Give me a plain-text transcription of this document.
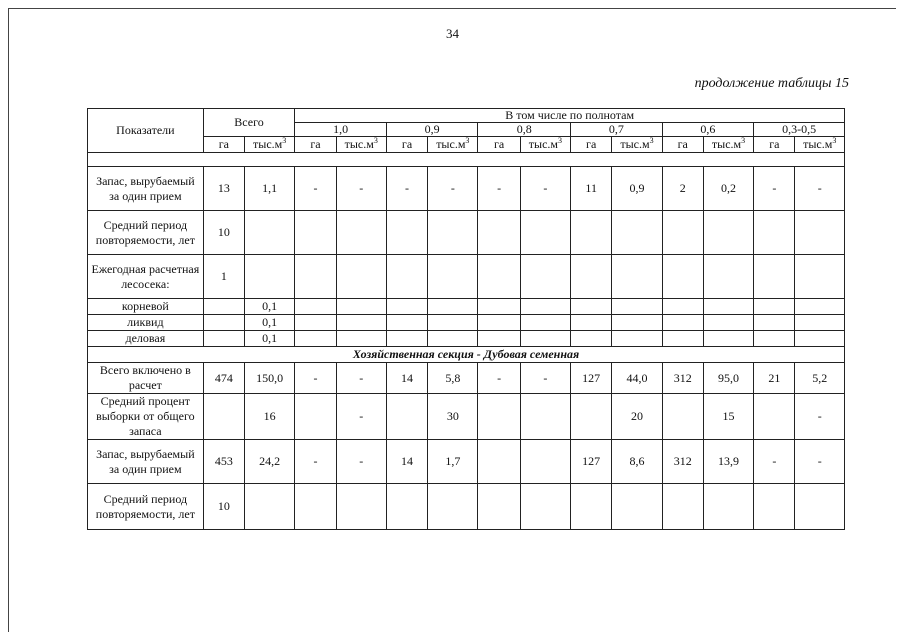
34
продолжение таблицы 15
Показатели	Всего		В том числе по полнотам											
			1,0		0,9		0,8		0,7		0,6		0,3-0,5	
	га	$тыс.м^3$	га	$тыс.м^3$	га	$тыс.м^3$	га	$тыс.м^3$	га	$тыс.м^3$	га	$тыс.м^3$	га	$тыс.м^3$

Запас, вырубаемый за один прием	13	1,1	-	-	-	-	-	-	11	0,9	2	0,2	-	-
Средний период повторяемости, лет	10													
Ежегодная расчетная лесосека:	1													
корневой		0,1												
ликвид		0,1												
деловая		0,1												
Хозяйственная секция - Дубовая семенная														
Всего включено в расчет	474	150,0	-	-	14	5,8	-	-	127	44,0	312	95,0	21	5,2
Средний процент выборки от общего запаса		16		-		30				20		15		-
Запас, вырубаемый за один прием	453	24,2	-	-	14	1,7			127	8,6	312	13,9	-	-
Средний период повторяемости, лет	10													
